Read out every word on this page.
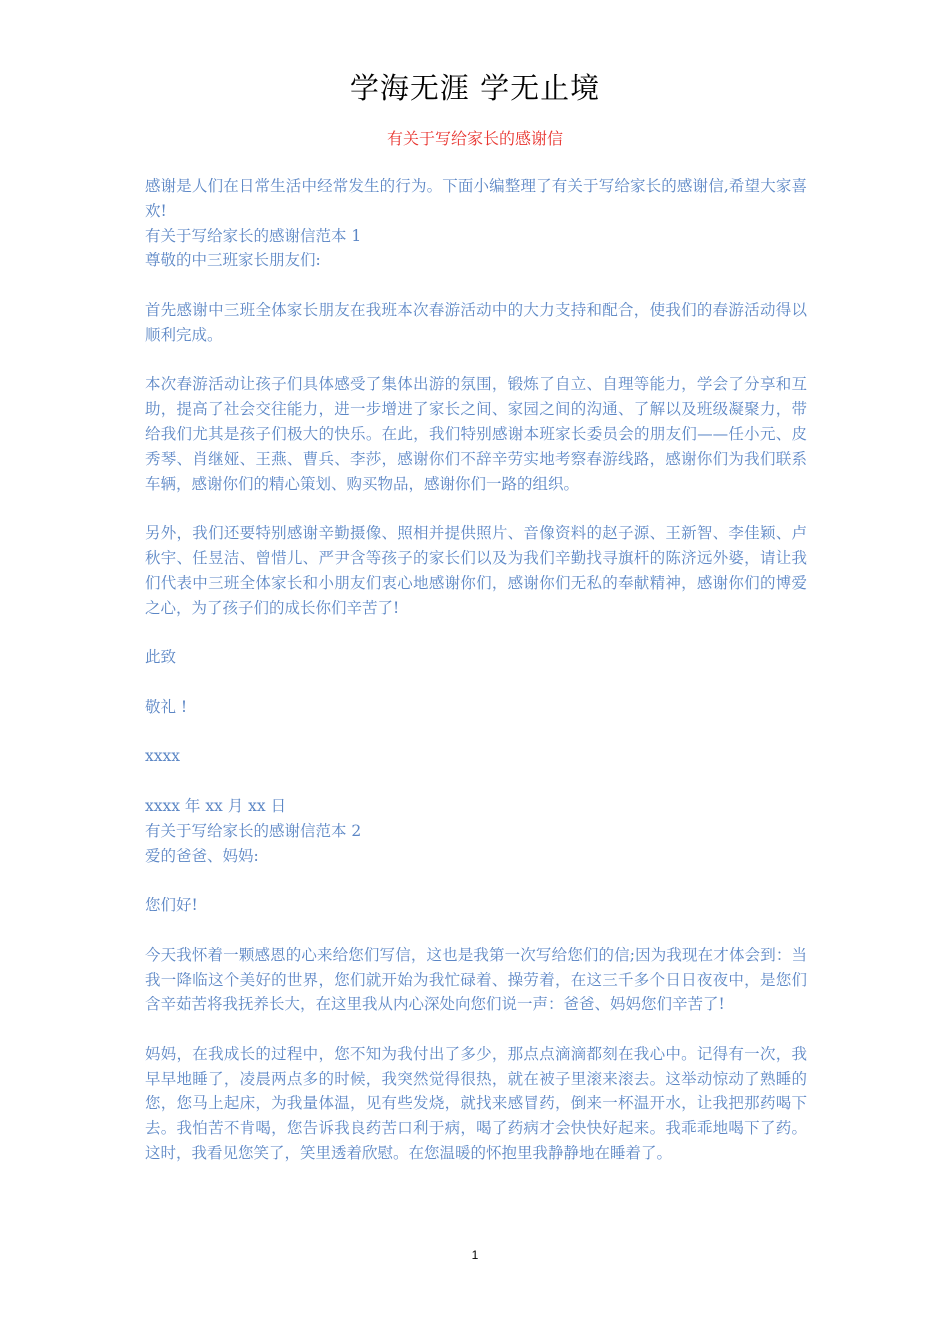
学海无涯 学无止境
有关于写给家长的感谢信

感谢是人们在日常生活中经常发生的行为。下面小编整理了有关于写给家长的感谢信,希望大家喜欢!

有关于写给家长的感谢信范本 1

尊敬的中三班家长朋友们:

首先感谢中三班全体家长朋友在我班本次春游活动中的大力支持和配合，使我们的春游活动得以顺利完成。

本次春游活动让孩子们具体感受了集体出游的氛围，锻炼了自立、自理等能力，学会了分享和互助，提高了社会交往能力，进一步增进了家长之间、家园之间的沟通、了解以及班级凝聚力，带给我们尤其是孩子们极大的快乐。在此，我们特别感谢本班家长委员会的朋友们——任小元、皮秀琴、肖继娅、王燕、曹兵、李莎，感谢你们不辞辛劳实地考察春游线路，感谢你们为我们联系车辆，感谢你们的精心策划、购买物品，感谢你们一路的组织。

另外，我们还要特别感谢辛勤摄像、照相并提供照片、音像资料的赵子源、王新智、李佳颖、卢秋宇、任昱洁、曾惜儿、严尹含等孩子的家长们以及为我们辛勤找寻旗杆的陈济远外婆，请让我们代表中三班全体家长和小朋友们衷心地感谢你们，感谢你们无私的奉献精神，感谢你们的博爱之心，为了孩子们的成长你们辛苦了!

此致

敬礼 !

xxxx

xxxx 年 xx 月 xx 日

有关于写给家长的感谢信范本 2

爱的爸爸、妈妈:

您们好!

今天我怀着一颗感恩的心来给您们写信，这也是我第一次写给您们的信;因为我现在才体会到：当我一降临这个美好的世界，您们就开始为我忙碌着、操劳着，在这三千多个日日夜夜中，是您们含辛茹苦将我抚养长大，在这里我从内心深处向您们说一声：爸爸、妈妈您们辛苦了!

妈妈，在我成长的过程中，您不知为我付出了多少，那点点滴滴都刻在我心中。记得有一次，我早早地睡了，凌晨两点多的时候，我突然觉得很热，就在被子里滚来滚去。这举动惊动了熟睡的您，您马上起床，为我量体温，见有些发烧，就找来感冒药，倒来一杯温开水，让我把那药喝下去。我怕苦不肯喝，您告诉我良药苦口利于病，喝了药病才会快快好起来。我乖乖地喝下了药。这时，我看见您笑了，笑里透着欣慰。在您温暖的怀抱里我静静地在睡着了。

1
